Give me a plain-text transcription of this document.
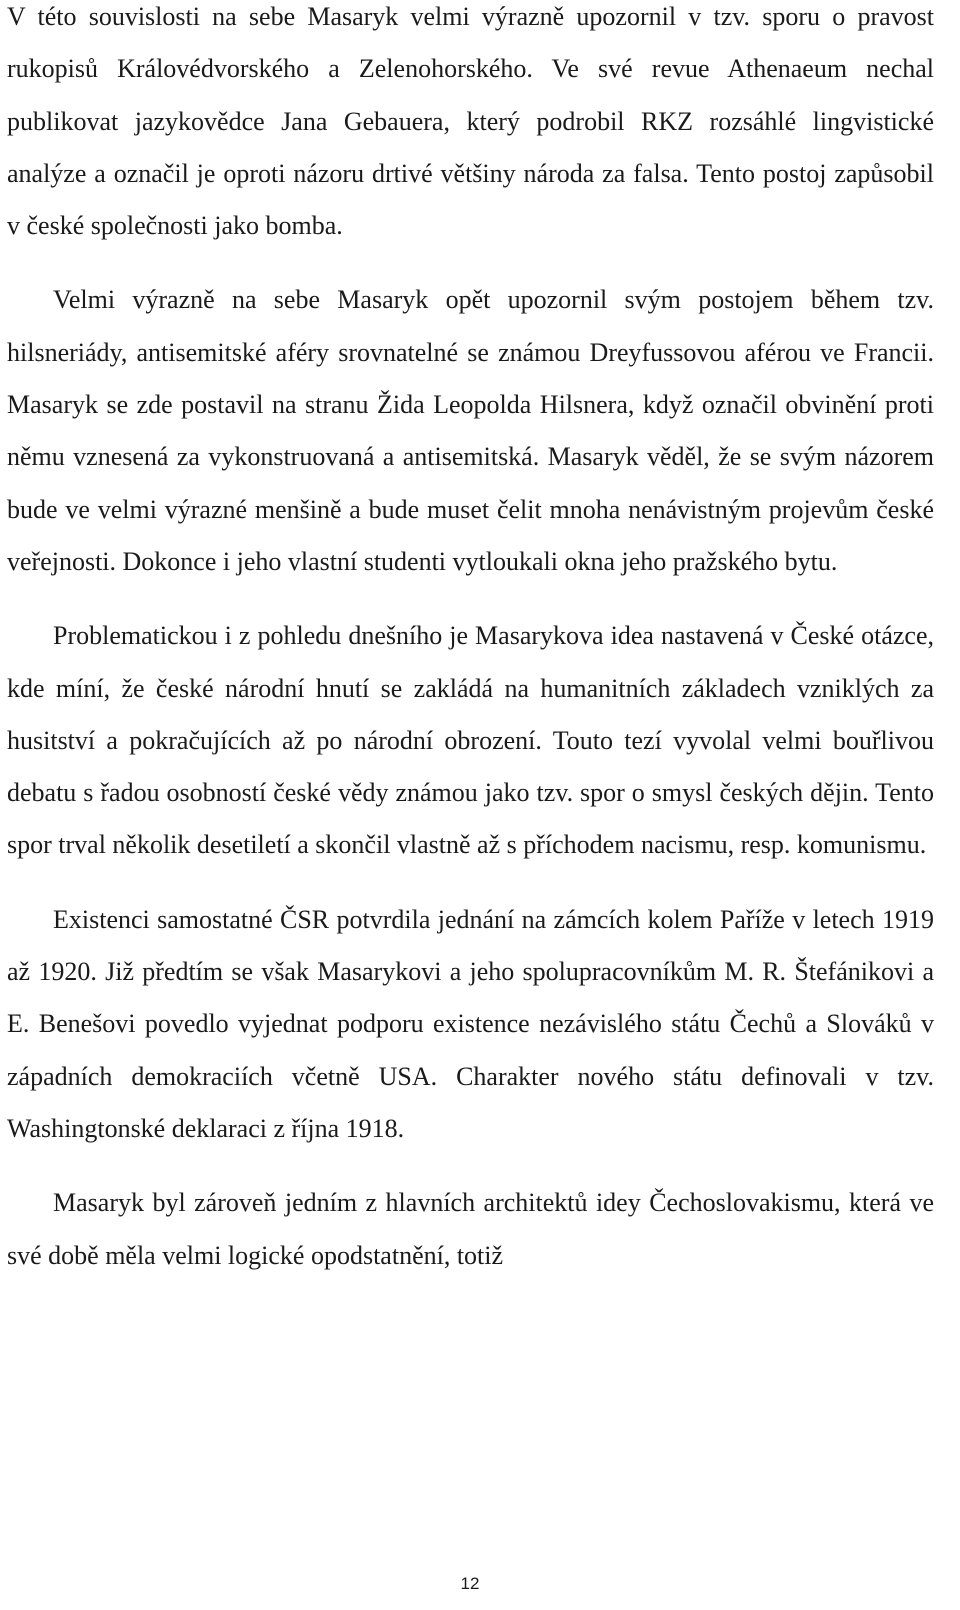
V této souvislosti na sebe Masaryk velmi výrazně upozornil v tzv. sporu o pravost rukopisů Královédvorského a Zelenohorského. Ve své revue Athenaeum nechal publikovat jazykovědce Jana Gebauera, který podrobil RKZ rozsáhlé lingvistické analýze a označil je oproti názoru drtivé většiny národa za falsa. Tento postoj zapůsobil v české společnosti jako bomba.

Velmi výrazně na sebe Masaryk opět upozornil svým postojem během tzv. hilsneriády, antisemitské aféry srovnatelné se známou Dreyfussovou aférou ve Francii. Masaryk se zde postavil na stranu Žida Leopolda Hilsnera, když označil obvinění proti němu vznesená za vykonstruovaná a antisemitská. Masaryk věděl, že se svým názorem bude ve velmi výrazné menšině a bude muset čelit mnoha nenávistným projevům české veřejnosti. Dokonce i jeho vlastní studenti vytloukali okna jeho pražského bytu.

Problematickou i z pohledu dnešního je Masarykova idea nastavená v České otázce, kde míní, že české národní hnutí se zakládá na humanitních základech vzniklých za husitství a pokračujících až po národní obrození. Touto tezí vyvolal velmi bouřlivou debatu s řadou osobností české vědy známou jako tzv. spor o smysl českých dějin. Tento spor trval několik desetiletí a skončil vlastně až s příchodem nacismu, resp. komunismu.

Existenci samostatné ČSR potvrdila jednání na zámcích kolem Paříže v letech 1919 až 1920. Již předtím se však Masarykovi a jeho spolupracovníkům M. R. Štefánikovi a E. Benešovi povedlo vyjednat podporu existence nezávislého státu Čechů a Slováků v západních demokraciích včetně USA. Charakter nového státu definovali v tzv. Washingtonské deklaraci z října 1918.

Masaryk byl zároveň jedním z hlavních architektů idey Čechoslovakismu, která ve své době měla velmi logické opodstatnění, totiž

12
